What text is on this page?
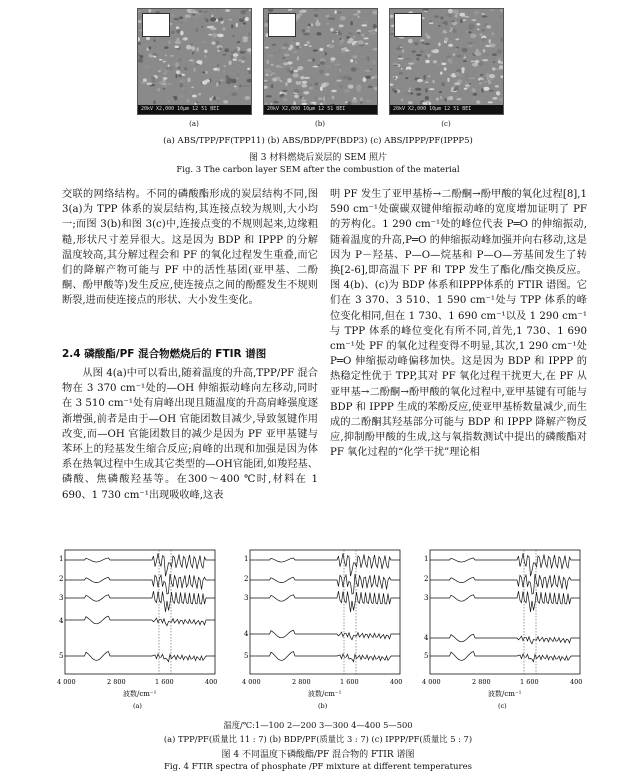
20kV X2,000 10μm 12 51 BEI	20kV X2,000 10μm 12 51 BEI	20kV X2,000 10μm 12 51 BEI
(a)	(b)	(c)
(a) ABS/TPP/PF(TPP11) (b) ABS/BDP/PF(BDP3) (c) ABS/IPPP/PF(IPPP5)
图 3 材料燃烧后炭层的 SEM 照片
Fig. 3 The carbon layer SEM after the combustion of the material

交联的网络结构。不同的磷酸酯形成的炭层结构不同,图 3(a)为 TPP 体系的炭层结构,其连接点较为规则,大小均一;而图 3(b)和图 3(c)中,连接点变的不规则起来,边缘粗糙,形状尺寸差异很大。这是因为 BDP 和 IPPP 的分解温度较高,其分解过程会和 PF 的氧化过程发生重叠,而它们的降解产物可能与 PF 中的活性基团(亚甲基、二酚酮、酚甲酸等)发生反应,使连接点之间的酚醛发生不规则断裂,进而使连接点的形状、大小发生变化。

2.4 磷酸酯/PF 混合物燃烧后的 FTIR 谱图

从图 4(a)中可以看出,随着温度的升高,TPP/PF 混合物在 3 370 cm⁻¹处的—OH 伸缩振动峰向左移动,同时在 3 510 cm⁻¹处有肩峰出现且随温度的升高肩峰强度逐渐增强,前者是由于—OH 官能团数目减少,导致氢键作用改变,而—OH 官能团数目的减少是因为 PF 亚甲基键与苯环上的羟基发生缩合反应;肩峰的出现和加强是因为体系在热氧过程中生成其它类型的—OH官能团,如羧羟基、磷酸、焦磷酸羟基等。在300～400 ℃时,材料在 1 690、1 730 cm⁻¹出现吸收峰,这表

明 PF 发生了亚甲基桥→二酚酮→酚甲酸的氧化过程[8],1 590 cm⁻¹处碳碳双键伸缩振动峰的宽度增加证明了 PF 的芳构化。1 290 cm⁻¹处的峰位代表 P═O 的伸缩振动,随着温度的升高,P═O 的伸缩振动峰加强并向右移动,这是因为 P－羟基、P—O—烷基和 P—O—芳基间发生了转换[2-6],即高温下 PF 和 TPP 发生了酯化/酯交换反应。图 4(b)、(c)为 BDP 体系和IPPP体系的 FTIR 谱图。它们在 3 370、3 510、1 590 cm⁻¹处与 TPP 体系的峰位变化相同,但在 1 730、1 690 cm⁻¹以及 1 290 cm⁻¹与 TPP 体系的峰位变化有所不同,首先,1 730、1 690 cm⁻¹处 PF 的氧化过程变得不明显,其次,1 290 cm⁻¹处 P═O 伸缩振动峰偏移加快。这是因为 BDP 和 IPPP 的热稳定性优于 TPP,其对 PF 氧化过程干扰更大,在 PF 从亚甲基→二酚酮→酚甲酸的氧化过程中,亚甲基键有可能与 BDP 和 IPPP 生成的苯酚反应,使亚甲基桥数量减少,而生成的二酚酮其羟基部分可能与 BDP 和 IPPP 降解产物反应,抑制酚甲酸的生成,这与氧指数测试中提出的磷酸酯对 PF 氧化过程的“化学干扰”理论相

1
2
3
4
5
4 000	2 800	1 600	400
波数/cm⁻¹
(a)
1
2
3
4
5
4 000	2 800	1 600	400
波数/cm⁻¹
(b)
1
2
3
4
5
4 000	2 800	1 600	400
波数/cm⁻¹
(c)
温度/℃:1—100 2—200 3—300 4—400 5—500
(a) TPP/PF(质量比 11 : 7) (b) BDP/PF(质量比 3 : 7) (c) IPPP/PF(质量比 5 : 7)
图 4 不同温度下磷酸酯/PF 混合物的 FTIR 谱图
Fig. 4 FTIR spectra of phosphate /PF mixture at different temperatures
